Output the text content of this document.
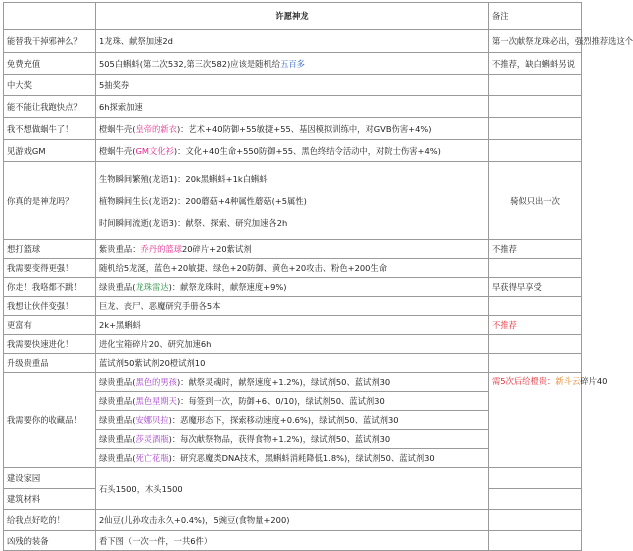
	许愿神龙	备注
能替我干掉邪神么？	1龙珠、献祭加速2d	第一次献祭龙珠必出，强烈推荐选这个
免费充值	505白蝌蚪(第二次532,第三次582)应该是随机给五百多	不推荐，缺白蝌蚪另说
中大奖	5抽奖券	
能不能让我跑快点？	6h探索加速	
我不想做蜗牛了！	橙蜗牛壳(皇帝的新衣)：艺术+40防御+55敏捷+55、基因模拟训练中，对GVB伤害+4%)	
见游戏GM	橙蜗牛壳(GM文化衫)：文化+40生命+550防御+55、黑色终结令活动中，对院士伤害+4%)	
你真的是神龙吗？	生物瞬间繁殖(龙语1)：20k黑蝌蚪+1k白蝌蚪
植物瞬间生长(龙语2)：200蘑菇+4种属性蘑菇(+5属性)
时间瞬间流逝(龙语3)：献祭、探索、研究加速各2h	骑似只出一次
想打篮球	紫贵重品：乔丹的篮球20碎片+20紫试剂	不推荐
我需要变得更强！	随机给5龙涎，蓝色+20敏捷、绿色+20防御、黄色+20攻击、粉色+200生命	
你走！我咯都不跳！	绿贵重品(龙珠雷达)：献祭龙珠时，献祭速度+9%)	早获得早享受
我想让伙伴变强！	巨龙、丧尸、恶魔研究手册各5本	
更富有	2k+黑蝌蚪	不推荐
我需要快速进化！	进化宝箱碎片20、研究加速6h	
升级贵重品	蓝试剂50紫试剂20橙试剂10	
我需要你的收藏品！	绿贵重品(黑色的男孩)：献祭灵魂时，献祭速度+1.2%)，绿试剂50、蓝试剂30	需5次后给橙贵：新斗云碎片40
	绿贵重品(黑色星期天)：每签到一次，防御+6、0/10)，绿试剂50、蓝试剂30	
	绿贵重品(安娜贝拉)：恶魔形态下，探索移动速度+0.6%)，绿试剂50、蓝试剂30	
	绿贵重品(莎灵酒瓶)：每次献祭物品，获得食物+1.2%)，绿试剂50、蓝试剂30	
	绿贵重品(死亡花瓶)：研究恶魔类DNA技术，黑蝌蚪消耗降低1.8%)，绿试剂50、蓝试剂30	
建设家园	石头1500，木头1500	
建筑材料		
给我点好吃的！	2仙豆(儿孙攻击永久+0.4%)，5豌豆(食物量+200)	
凶残的装备	看下图（一次一件，一共6件）	
